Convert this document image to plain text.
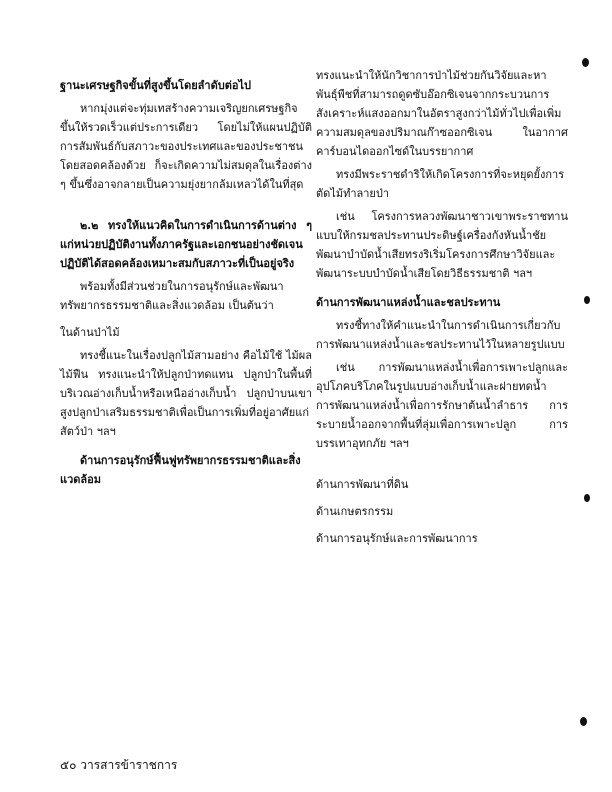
ฐานะเศรษฐกิจขั้นที่สูงขึ้นโดยลำดับต่อไป

หากมุ่งแต่จะทุ่มเทสร้างความเจริญยกเศรษฐกิจขึ้นให้รวดเร็วแต่ประการเดียว โดยไม่ให้แผนปฏิบัติการสัมพันธ์กับสภาวะของประเทศและของประชาชนโดยสอดคล้องด้วย ก็จะเกิดความไม่สมดุลในเรื่องต่าง ๆ ขึ้นซึ่งอาจกลายเป็นความยุ่งยากล้มเหลวได้ในที่สุด

๒.๒ ทรงให้แนวคิดในการดำเนินการด้านต่าง ๆ แก่หน่วยปฏิบัติงานทั้งภาครัฐและเอกชนอย่างชัดเจนปฏิบัติได้สอดคล้องเหมาะสมกับสภาวะที่เป็นอยู่จริง

พร้อมทั้งมีส่วนช่วยในการอนุรักษ์และพัฒนาทรัพยากรธรรมชาติและสิ่งแวดล้อม เป็นต้นว่า

ในด้านป่าไม้

ทรงชี้แนะในเรื่องปลูกไม้สามอย่าง คือไม้ใช้ ไม้ผล ไม้ฟืน ทรงแนะนำให้ปลูกป่าทดแทน ปลูกป่าในพื้นที่บริเวณอ่างเก็บน้ำหรือเหนืออ่างเก็บน้ำ ปลูกป่าบนเขาสูงปลูกป่าเสริมธรรมชาติเพื่อเป็นการเพิ่มที่อยู่อาศัยแก่สัตว์ป่า ฯลฯ

ด้านการอนุรักษ์ฟื้นฟูทรัพยากรธรรมชาติและสิ่งแวดล้อม

ทรงแนะนำให้นักวิชาการป่าไม้ช่วยกันวิจัยและหาพันธุ์พืชที่สามารถดูดซับอ๊อกซิเจนจากกระบวนการสังเคราะห์แสงออกมาในอัตราสูงกว่าไม้ทั่วไปเพื่อเพิ่มความสมดุลของปริมาณก๊าซออกซิเจน ในอากาศ คาร์บอนไดออกไซด์ในบรรยากาศ

ทรงมีพระราชดำริให้เกิดโครงการที่จะหยุดยั้งการตัดไม้ทำลายป่า

เช่น โครงการหลวงพัฒนาชาวเขาพระราชทานแบบให้กรมชลประทานประดิษฐ์เครื่องกังหันน้ำชัยพัฒนาบำบัดน้ำเสียทรงริเริ่มโครงการศึกษาวิจัยและพัฒนาระบบบำบัดน้ำเสียโดยวิธีธรรมชาติ ฯลฯ

ด้านการพัฒนาแหล่งน้ำและชลประทาน

ทรงชี้ทางให้คำแนะนำในการดำเนินการเกี่ยวกับการพัฒนาแหล่งน้ำและชลประทานไว้ในหลายรูปแบบ

เช่น การพัฒนาแหล่งน้ำเพื่อการเพาะปลูกและอุปโภคบริโภคในรูปแบบอ่างเก็บน้ำและฝายทดน้ำ การพัฒนาแหล่งน้ำเพื่อการรักษาต้นน้ำลำธาร การระบายน้ำออกจากพื้นที่ลุ่มเพื่อการเพาะปลูก การบรรเทาอุทกภัย ฯลฯ

ด้านการพัฒนาที่ดิน

ด้านเกษตรกรรม

ด้านการอนุรักษ์และการพัฒนาการ

๕๐ วารสารข้าราชการ
